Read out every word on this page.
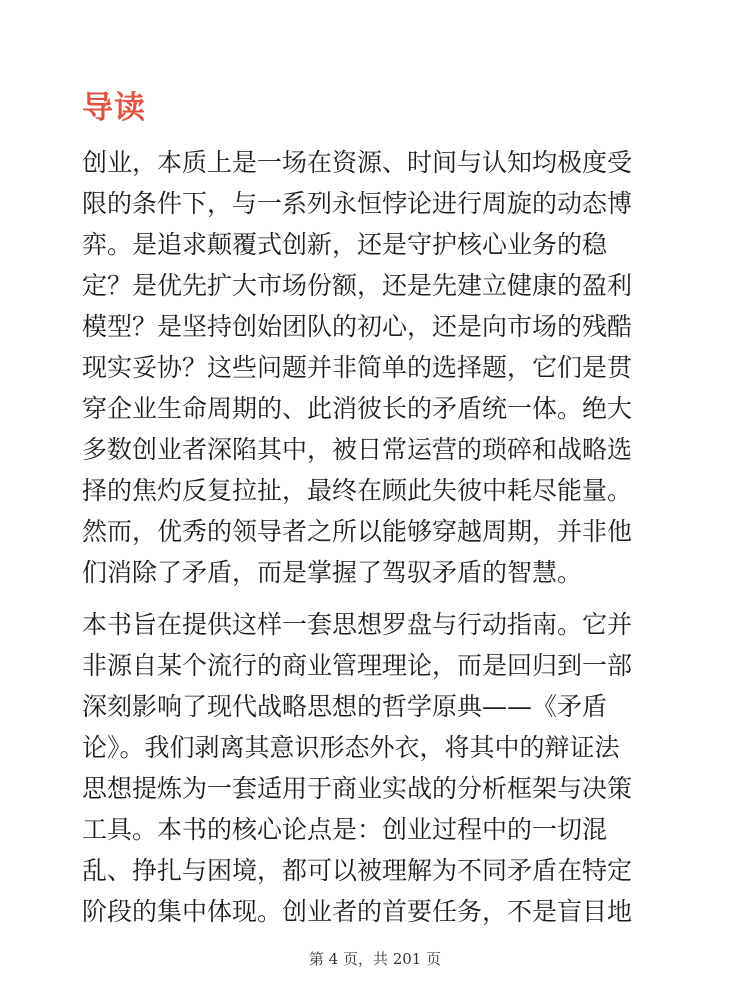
导读

创业，本质上是一场在资源、时间与认知均极度受
限的条件下，与一系列永恒悖论进行周旋的动态博
弈。是追求颠覆式创新，还是守护核心业务的稳
定？是优先扩大市场份额，还是先建立健康的盈利
模型？是坚持创始团队的初心，还是向市场的残酷
现实妥协？这些问题并非简单的选择题，它们是贯
穿企业生命周期的、此消彼长的矛盾统一体。绝大
多数创业者深陷其中，被日常运营的琐碎和战略选
择的焦灼反复拉扯，最终在顾此失彼中耗尽能量。
然而，优秀的领导者之所以能够穿越周期，并非他
们消除了矛盾，而是掌握了驾驭矛盾的智慧。

本书旨在提供这样一套思想罗盘与行动指南。它并
非源自某个流行的商业管理理论，而是回归到一部
深刻影响了现代战略思想的哲学原典——《矛盾
论》。我们剥离其意识形态外衣，将其中的辩证法
思想提炼为一套适用于商业实战的分析框架与决策
工具。本书的核心论点是：创业过程中的一切混
乱、挣扎与困境，都可以被理解为不同矛盾在特定
阶段的集中体现。创业者的首要任务，不是盲目地

第 4 页，共 201 页
